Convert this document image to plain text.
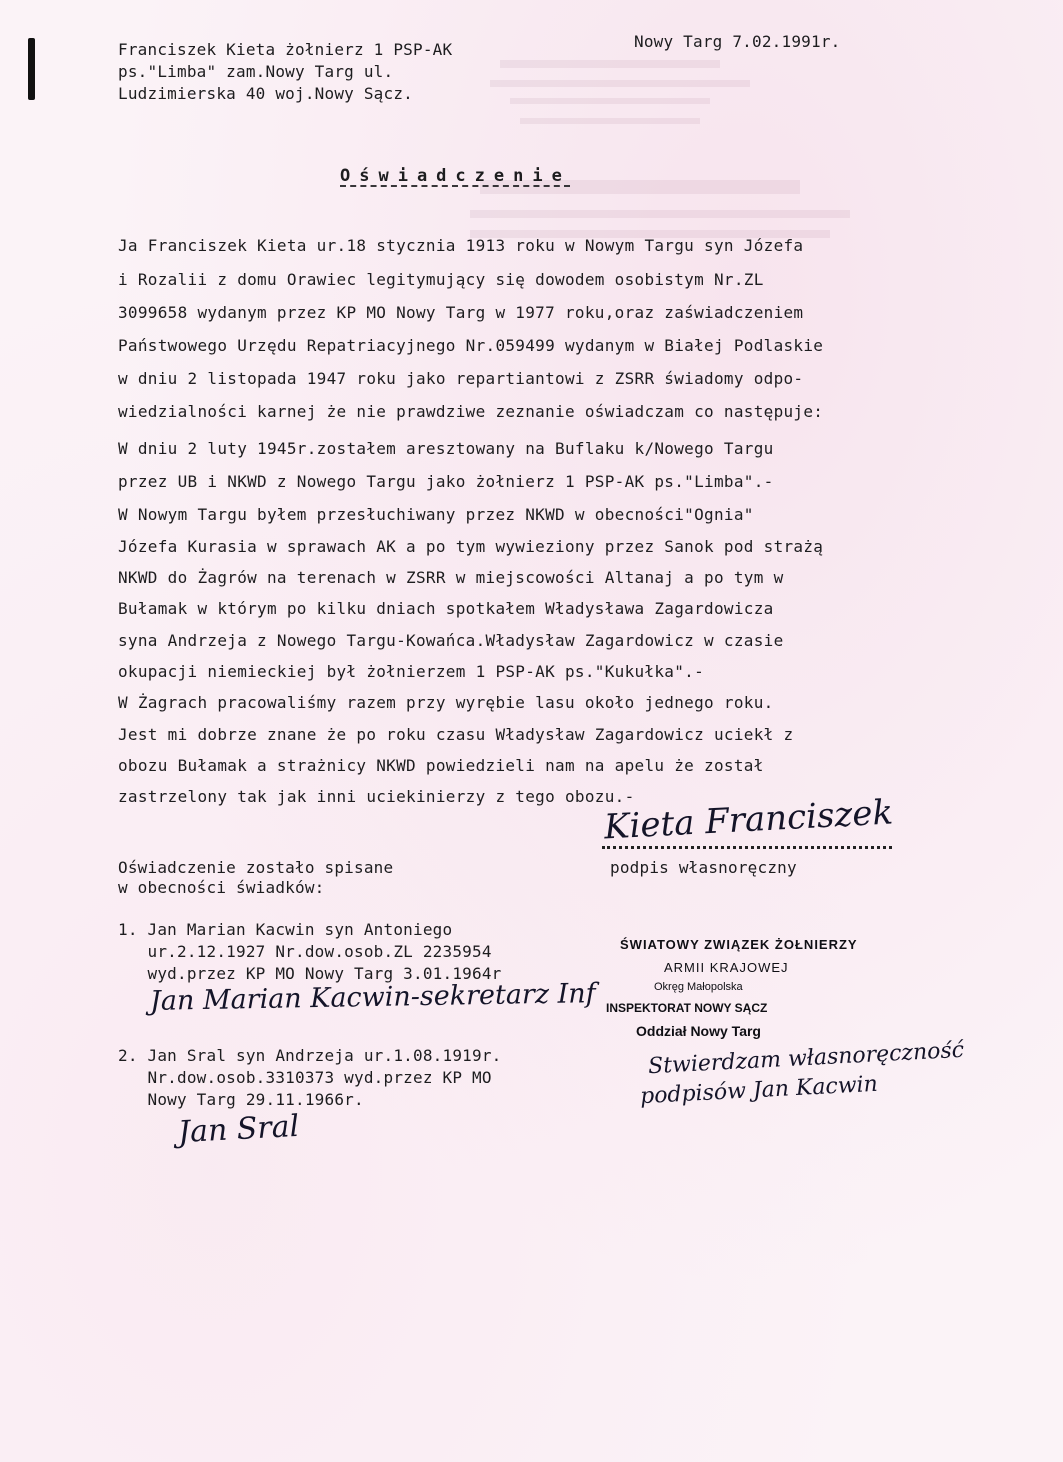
Franciszek Kieta żołnierz 1 PSP-AK
ps."Limba" zam.Nowy Targ ul.
Ludzimierska 40 woj.Nowy Sącz.
Nowy Targ 7.02.1991r.
Oświadczenie
Ja Franciszek Kieta ur.18 stycznia 1913 roku w Nowym Targu syn Józefa
i Rozalii z domu Orawiec legitymujący się dowodem osobistym Nr.ZL
3099658 wydanym przez KP MO Nowy Targ w 1977 roku,oraz zaświadczeniem
Państwowego Urzędu Repatriacyjnego Nr.059499 wydanym w Białej Podlaskie
w dniu 2 listopada 1947 roku jako repartiantowi z ZSRR świadomy odpo-
wiedzialności karnej że nie prawdziwe zeznanie oświadczam co następuje:
W dniu 2 luty 1945r.zostałem aresztowany na Buflaku k/Nowego Targu
przez UB i NKWD z Nowego Targu jako żołnierz 1 PSP-AK ps."Limba".-
W Nowym Targu byłem przesłuchiwany przez NKWD w obecności"Ognia"
Józefa Kurasia w sprawach AK a po tym wywieziony przez Sanok pod strażą
NKWD do Żagrów na terenach w ZSRR w miejscowości Altanaj a po tym w
Bułamak w którym po kilku dniach spotkałem Władysława Zagardowicza
syna Andrzeja z Nowego Targu-Kowańca.Władysław Zagardowicz w czasie
okupacji niemieckiej był żołnierzem 1 PSP-AK ps."Kukułka".-
W Żagrach pracowaliśmy razem przy wyrębie lasu około jednego roku.
Jest mi dobrze znane że po roku czasu Władysław Zagardowicz uciekł z
obozu Bułamak a strażnicy NKWD powiedzieli nam na apelu że został
zastrzelony tak jak inni uciekinierzy z tego obozu.-
Kieta Franciszek
podpis własnoręczny
Oświadczenie zostało spisane
w obecności świadków:
1. Jan Marian Kacwin syn Antoniego
ur.2.12.1927 Nr.dow.osob.ZL 2235954
wyd.przez KP MO Nowy Targ 3.01.1964r
Jan Marian Kacwin-sekretarz Inf
2. Jan Sral syn Andrzeja ur.1.08.1919r.
Nr.dow.osob.3310373 wyd.przez KP MO
Nowy Targ 29.11.1966r.
Jan Sral
ŚWIATOWY ZWIĄZEK ŻOŁNIERZY
ARMII KRAJOWEJ
Okręg Małopolska
INSPEKTORAT NOWY SĄCZ
Oddział Nowy Targ
Stwierdzam własnoręczność
podpisów Jan Kacwin
